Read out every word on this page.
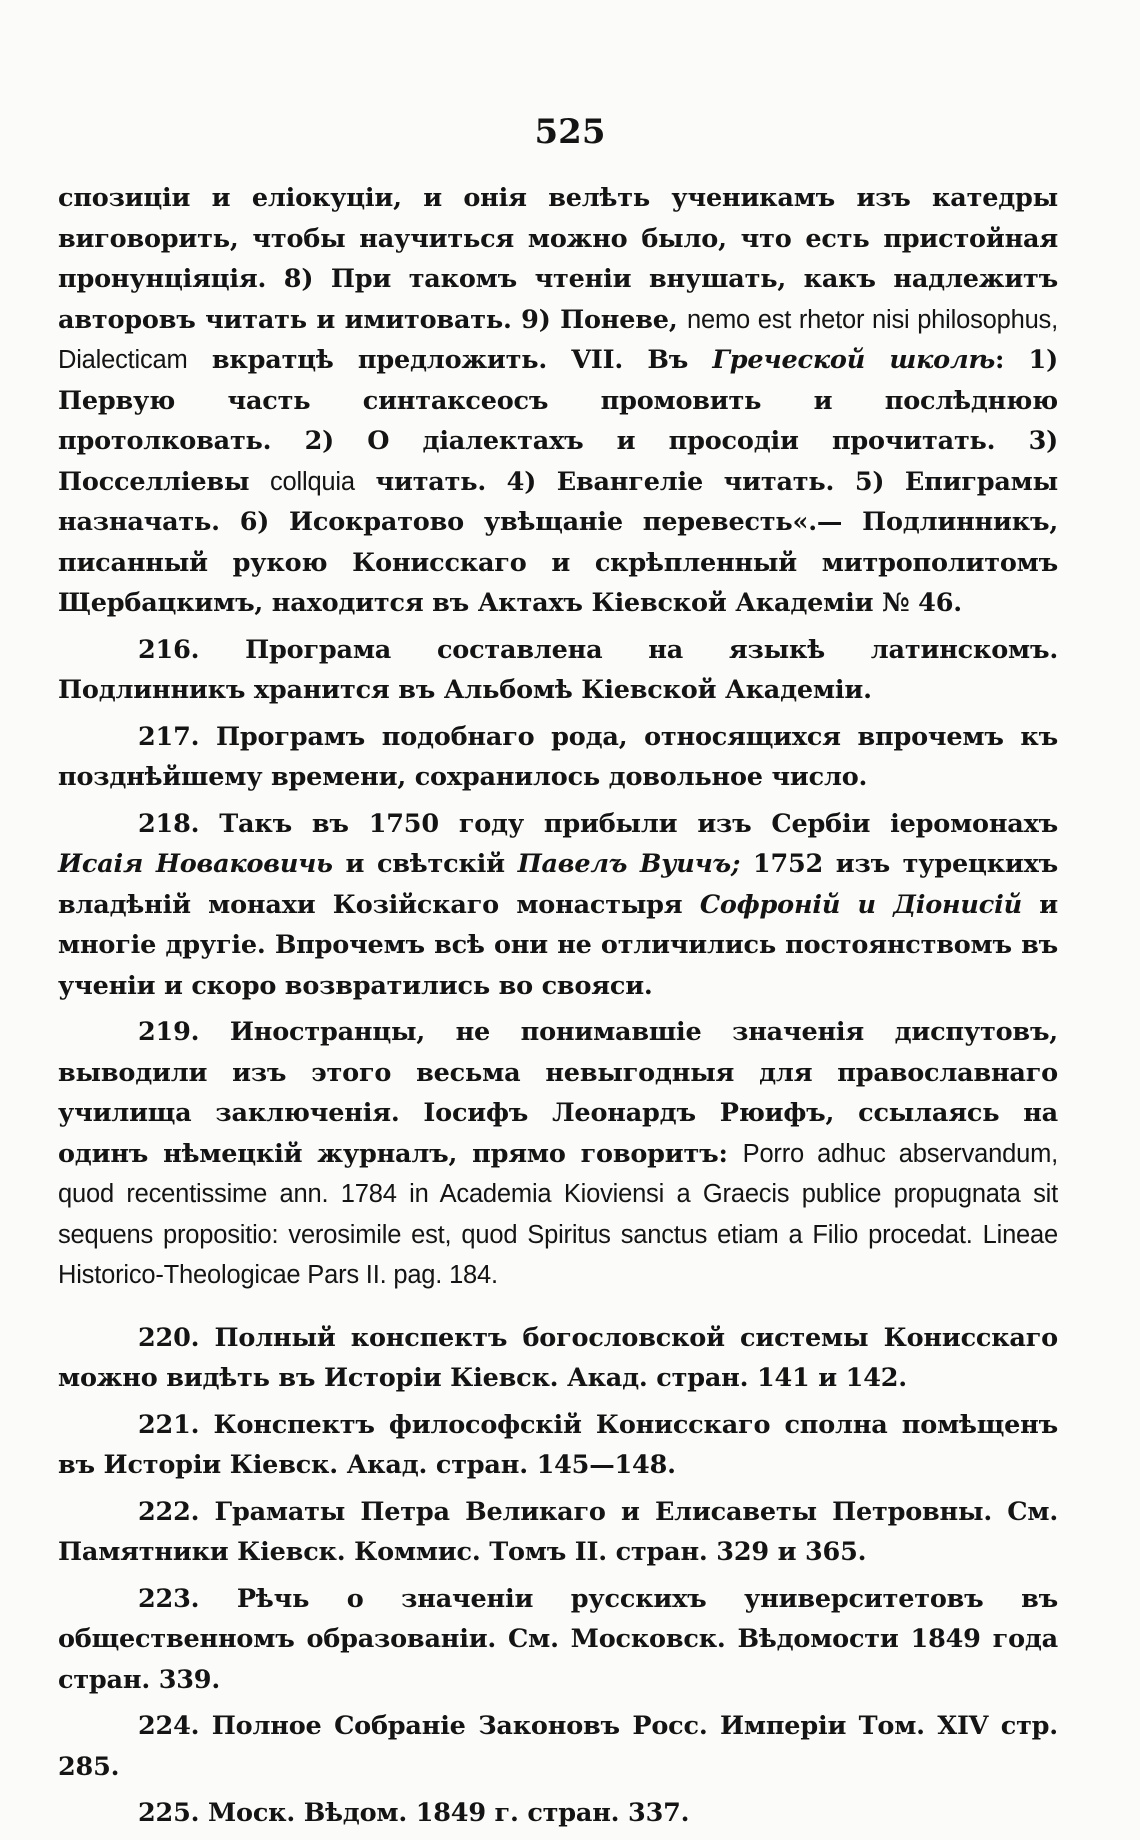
525

спозицiи и елiокуцiи, и онiя велѣть ученикамъ изъ катедры виговорить, чтобы научиться можно было, что есть пристойная пронунцiяцiя. 8) При такомъ чтенiи внушать, какъ надлежитъ авторовъ читать и имитовать. 9) Поневе, nemo est rhetor nisi philosophus, Dialecticam вкратцѣ предложить. VII. Въ Греческой школѣ: 1) Первую часть синтаксеосъ промовить и послѣднюю протолковать. 2) О дiалектахъ и просодiи прочитать. 3) Посселлiевы collquia читать. 4) Евангелiе читать. 5) Епиграмы назначать. 6) Исократово увѣщанiе перевесть«.— Подлинникъ, писанный рукою Кониcскаго и скрѣпленный митрополитомъ Щербацкимъ, находится въ Актахъ Кiевской Академiи № 46.

216. Програма составлена на языкѣ латинскомъ. Подлинникъ хранится въ Альбомѣ Кiевской Академiи.

217. Програмъ подобнаго рода, относящихся впрочемъ къ позднѣйшему времени, сохранилось довольное число.

218. Такъ въ 1750 году прибыли изъ Сербiи iеромонахъ Исаiя Новаковичь и свѣтскiй Павелъ Вуичъ; 1752 изъ турецкихъ владѣнiй монахи Козiйскаго монастыря Софронiй и Дiонисiй и многiе другiе. Впрочемъ всѣ они не отличились постоянствомъ въ ученiи и скоро возвратились во свояси.

219. Иностранцы, не понимавшiе значенiя диспутовъ, выводили изъ этого весьма невыгодныя для православнаго училища заключенiя. Iосифъ Леонардъ Рюифъ, ссылаясь на одинъ нѣмецкiй журналъ, прямо говоритъ: Porro adhuc abservandum, quod recentissime ann. 1784 in Academia Kioviensi a Graecis publice propugnata sit sequens propositio: verosimile est, quod Spiritus sanctus etiam a Filio procedat. Lineae Historico-Theologicae Pars II. pag. 184.

220. Полный конспектъ богословской системы Кониcскаго можно видѣть въ Исторiи Кiевск. Акад. стран. 141 и 142.

221. Конспектъ философскiй Конисскаго сполна помѣщенъ въ Исторiи Кiевск. Акад. стран. 145—148.

222. Граматы Петра Великаго и Елисаветы Петровны. См. Памятники Кiевск. Коммис. Томъ II. стран. 329 и 365.

223. Рѣчь о значенiи русскихъ университетовъ въ общественномъ образованiи. См. Московск. Вѣдомости 1849 года стран. 339.

224. Полное Собранiе Законовъ Росс. Имперiи Том. XIV стр. 285.

225. Моск. Вѣдом. 1849 г. стран. 337.
